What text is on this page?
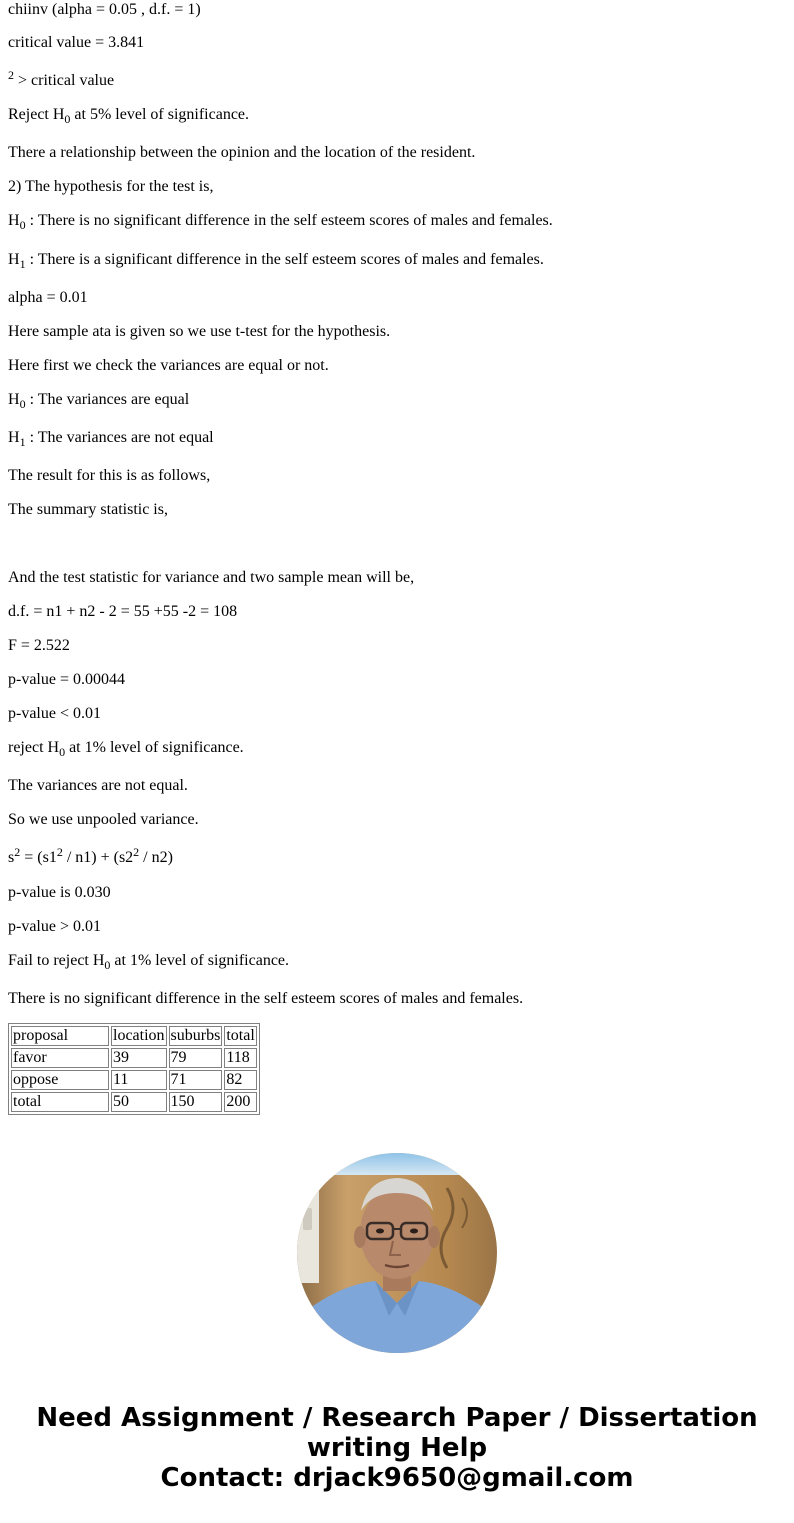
chiinv (alpha = 0.05 , d.f. = 1)
critical value = 3.841
$^2$ > critical value
Reject $H_0$ at 5% level of significance.
There a relationship between the opinion and the location of the resident.
2) The hypothesis for the test is,
$H_0$ : There is no significant difference in the self esteem scores of males and females.
$H_1$ : There is a significant difference in the self esteem scores of males and females.
alpha = 0.01
Here sample ata is given so we use t-test for the hypothesis.
Here first we check the variances are equal or not.
$H_0$ : The variances are equal
$H_1$ : The variances are not equal
The result for this is as follows,
The summary statistic is,
And the test statistic for variance and two sample mean will be,
d.f. = n1 + n2 - 2 = 55 +55 -2 = 108
F = 2.522
p-value = 0.00044
p-value < 0.01
reject $H_0$ at 1% level of significance.
The variances are not equal.
So we use unpooled variance.
$s^2 = (s1^2 / n1) + (s2^2 / n2)$
p-value is 0.030
p-value > 0.01
Fail to reject $H_0$ at 1% level of significance.
There is no significant difference in the self esteem scores of males and females.
proposal	location	suburbs	total
favor	39	79	118
oppose	11	71	82
total	50	150	200
Need Assignment / Research Paper / Dissertation
writing Help
Contact: drjack9650@gmail.com
